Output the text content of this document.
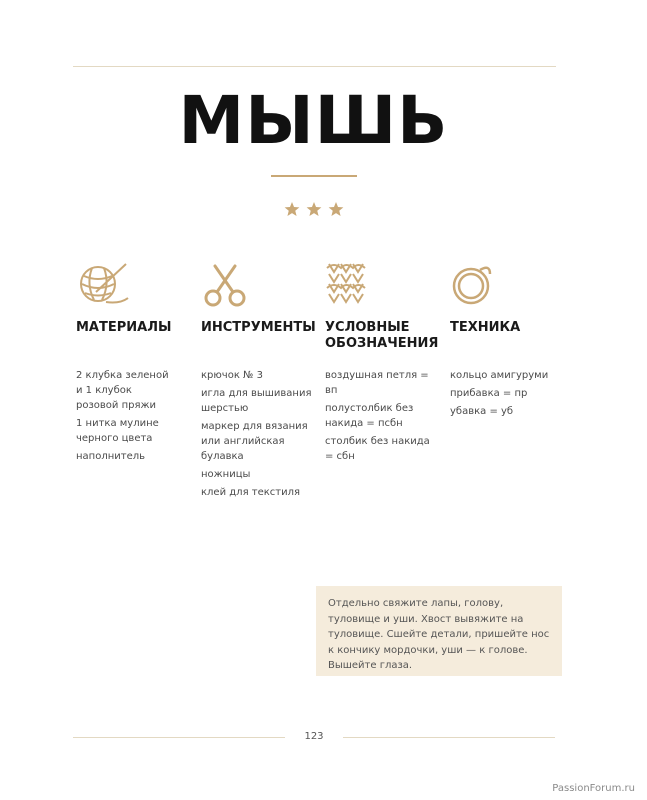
МЫШЬ

МАТЕРИАЛЫ
2 клубка зеленой и 1 клубок розовой пряжи
1 нитка мулине черного цвета
наполнитель
ИНСТРУМЕНТЫ
крючок № 3
игла для вышивания шерстью
маркер для вязания или английская булавка
ножницы
клей для текстиля
УСЛОВНЫЕ ОБОЗНАЧЕНИЯ
воздушная петля = вп
полустолбик без накида = псбн
столбик без накида = сбн
ТЕХНИКА
кольцо амигуруми
прибавка = пр
убавка = уб
Отдельно свяжите лапы, голову, туловище и уши. Хвост вывяжите на туловище. Сшейте детали, пришейте нос к кончику мордочки, уши — к голове. Вышейте глаза.
123
PassionForum.ru
